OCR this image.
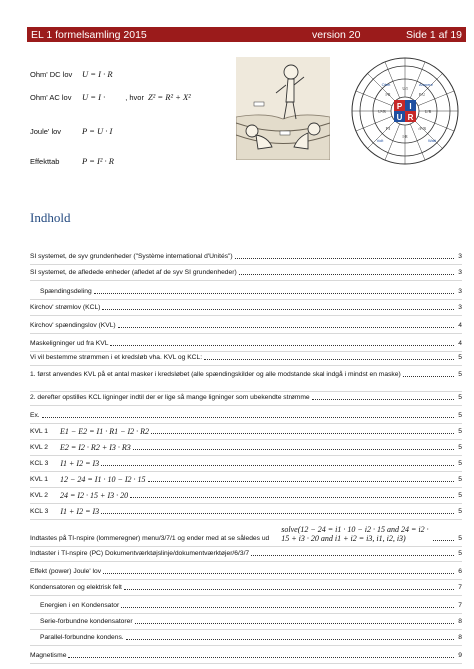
EL 1 formelsamling 2015	version 20	Side 1 af 19
Ohm' DC lov	U = I · R
Ohm' AC lov	U = I ·	, hvor Z² = R² + X²
Joule' lov	P = U · I
Effekttab	P = I² · R
P I
U R
Ohm	Ampere
Watt
Volt
U/I
P/U
U/R
√P/R
I·R
P/I
U²/R
I²R
Indhold
SI systemet, de syv grundenheder ("Système international d'Unités")	3
SI systemet, de afledede enheder (afledet af de syv SI grundenheder)	3
Spændingsdeling	3
Kirchov' strømlov (KCL)	3
Kirchov' spændingslov (KVL)	4
Maskeligninger ud fra KVL	4
Vi vil bestemme strømmen i et kredsløb vha. KVL og KCL:	5
1. først anvendes KVL på et antal masker i kredsløbet (alle spændingskilder og alle modstande skal indgå i mindst en maske)	5
2. derefter opstilles KCL ligninger indtil der er lige så mange ligninger som ubekendte strømme	5
Ex.	5
KVL 1 E1 − E2 = I1 · R1 − I2 · R2	5
KVL 2 E2 = I2 · R2 + I3 · R3	5
KCL 3 I1 + I2 = I3	5
KVL 1 12 − 24 = I1 · 10 − I2 · 15	5
KVL 2 24 = I2 · 15 + I3 · 20	5
KCL 3 I1 + I2 = I3	5
Indtastes på TI-nspire (lommeregner) menu/3/7/1 og ender med at se således ud
solve(12 − 24 = i1 · 10 − i2 · 15 and 24 = i2 · 15 + i3 · 20 and i1 + i2 = i3, i1, i2, i3)	5
Indtaster i TI-nspire (PC) Dokumentværktøjslinje/dokumentværktøjer/6/3/7	5
Effekt (power) Joule' lov	6
Kondensatoren og elektrisk felt	7
Energien i en Kondensator	7
Serie-forbundne kondensatorer	8
Parallel-forbundne kondens.	8
Magnetisme	9
